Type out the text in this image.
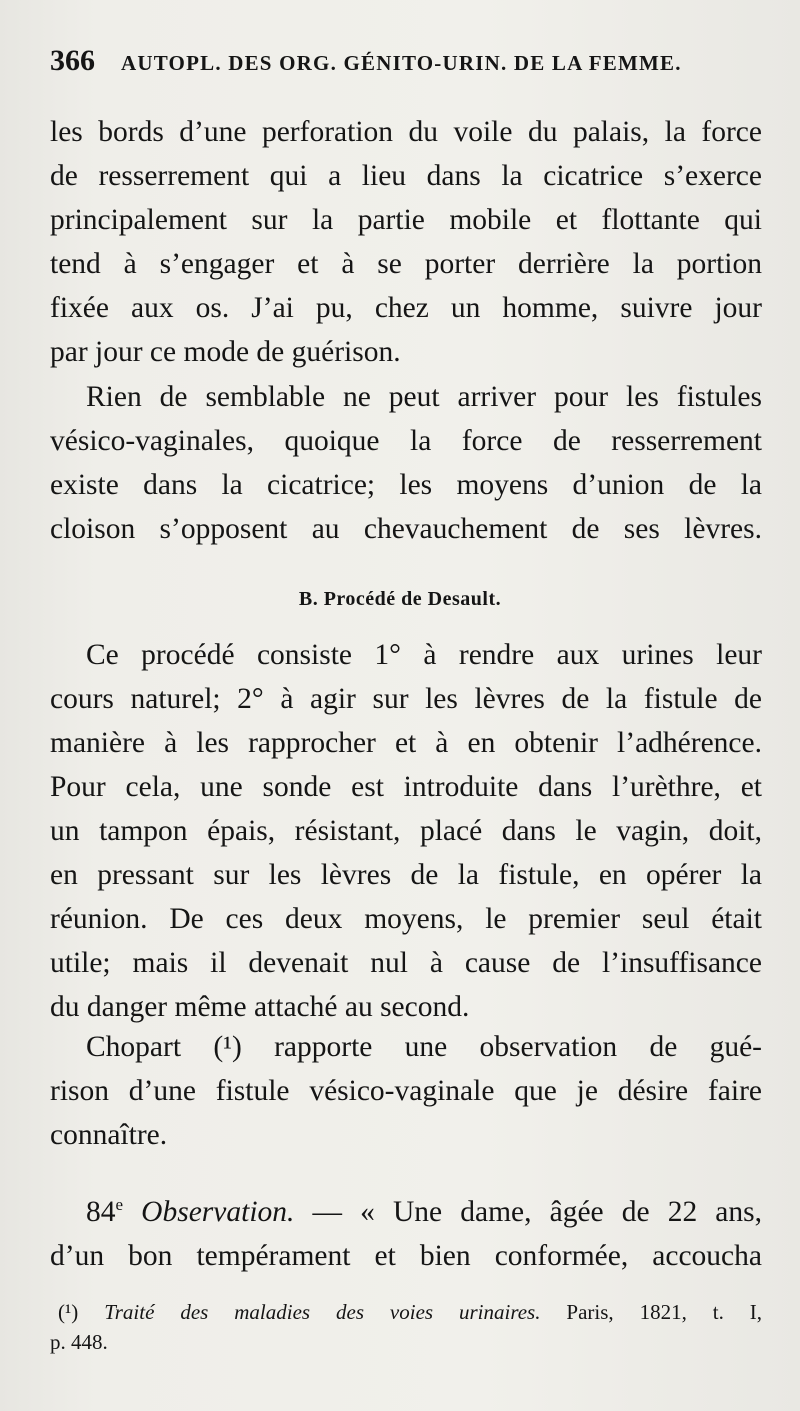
366 AUTOPL. DES ORG. GÉNITO-URIN. DE LA FEMME.
les bords d’une perforation du voile du palais, la force
de resserrement qui a lieu dans la cicatrice s’exerce
principalement sur la partie mobile et flottante qui
tend à s’engager et à se porter derrière la portion
fixée aux os. J’ai pu, chez un homme, suivre jour
par jour ce mode de guérison.
Rien de semblable ne peut arriver pour les fistules
vésico-vaginales, quoique la force de resserrement
existe dans la cicatrice; les moyens d’union de la
cloison s’opposent au chevauchement de ses lèvres.
B. Procédé de Desault.
Ce procédé consiste 1° à rendre aux urines leur
cours naturel; 2° à agir sur les lèvres de la fistule de
manière à les rapprocher et à en obtenir l’adhérence.
Pour cela, une sonde est introduite dans l’urèthre, et
un tampon épais, résistant, placé dans le vagin, doit,
en pressant sur les lèvres de la fistule, en opérer la
réunion. De ces deux moyens, le premier seul était
utile; mais il devenait nul à cause de l’insuffisance
du danger même attaché au second.
Chopart (¹) rapporte une observation de gué-
rison d’une fistule vésico-vaginale que je désire faire
connaître.
84e Observation. — « Une dame, âgée de 22 ans,
d’un bon tempérament et bien conformée, accoucha
(¹) Traité des maladies des voies urinaires. Paris, 1821, t. I,
p. 448.
